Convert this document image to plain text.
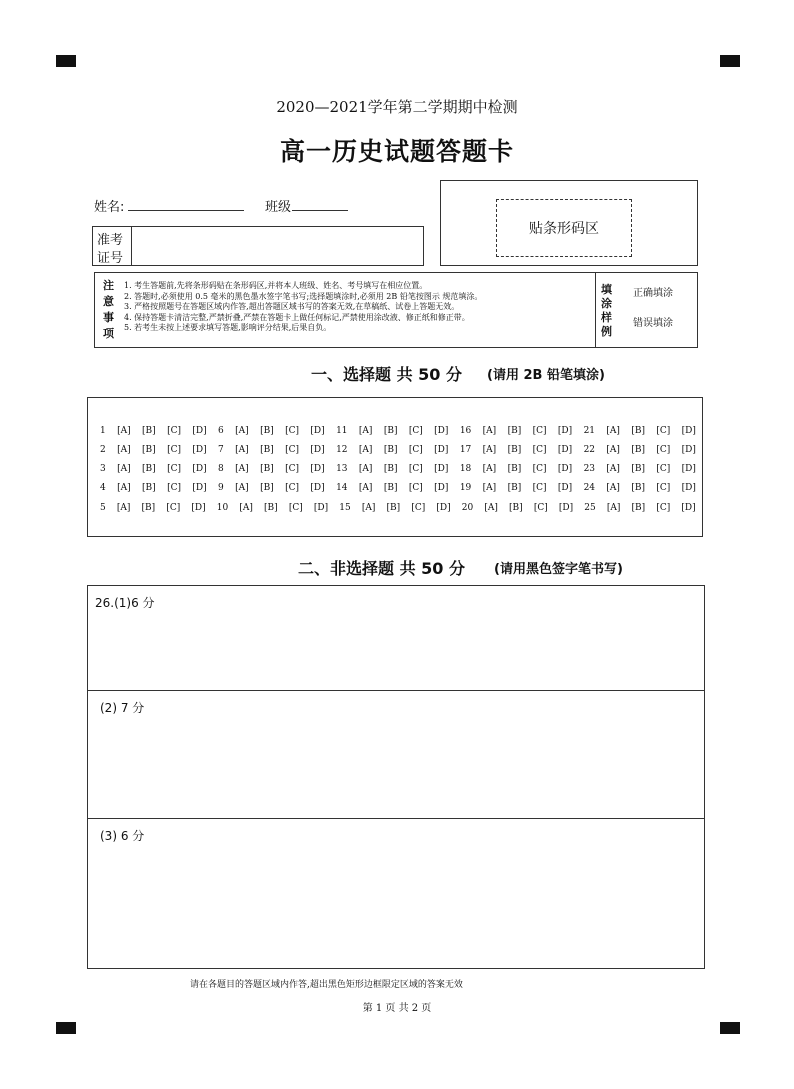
2020—2021学年第二学期期中检测
高一历史试题答题卡
姓名:	班级
准考
证号
贴条形码区
注
意
事
项
1. 考生答题前,先将条形码贴在条形码区,并将本人班级、姓名、考号填写在相应位置。
2. 答题时,必须使用 0.5 毫米的黑色墨水签字笔书写;选择题填涂时,必须用 2B 铅笔按图示 规范填涂。
3. 严格按照题号在答题区域内作答,超出答题区域书写的答案无效,在草稿纸、试卷上答题无效。
4. 保持答题卡清洁完整,严禁折叠,严禁在答题卡上做任何标记,严禁使用涂改液、修正纸和修正带。
5. 若考生未按上述要求填写答题,影响评分结果,后果自负。
填
涂
样
例
正确填涂
错误填涂
一、选择题 共 50 分 (请用 2B 铅笔填涂)
1 [A] [B] [C] [D] 6 [A] [B] [C] [D] 11 [A] [B] [C] [D] 16 [A] [B] [C] [D] 21 [A] [B] [C] [D]
2 [A] [B] [C] [D] 7 [A] [B] [C] [D] 12 [A] [B] [C] [D] 17 [A] [B] [C] [D] 22 [A] [B] [C] [D]
3 [A] [B] [C] [D] 8 [A] [B] [C] [D] 13 [A] [B] [C] [D] 18 [A] [B] [C] [D] 23 [A] [B] [C] [D]
4 [A] [B] [C] [D] 9 [A] [B] [C] [D] 14 [A] [B] [C] [D] 19 [A] [B] [C] [D] 24 [A] [B] [C] [D]
5 [A] [B] [C] [D] 10 [A] [B] [C] [D] 15 [A] [B] [C] [D] 20 [A] [B] [C] [D] 25 [A] [B] [C] [D]
二、非选择题 共 50 分 (请用黑色签字笔书写)
26.(1)6 分
(2) 7 分
(3) 6 分
请在各题目的答题区域内作答,超出黑色矩形边框限定区域的答案无效
第 1 页 共 2 页
